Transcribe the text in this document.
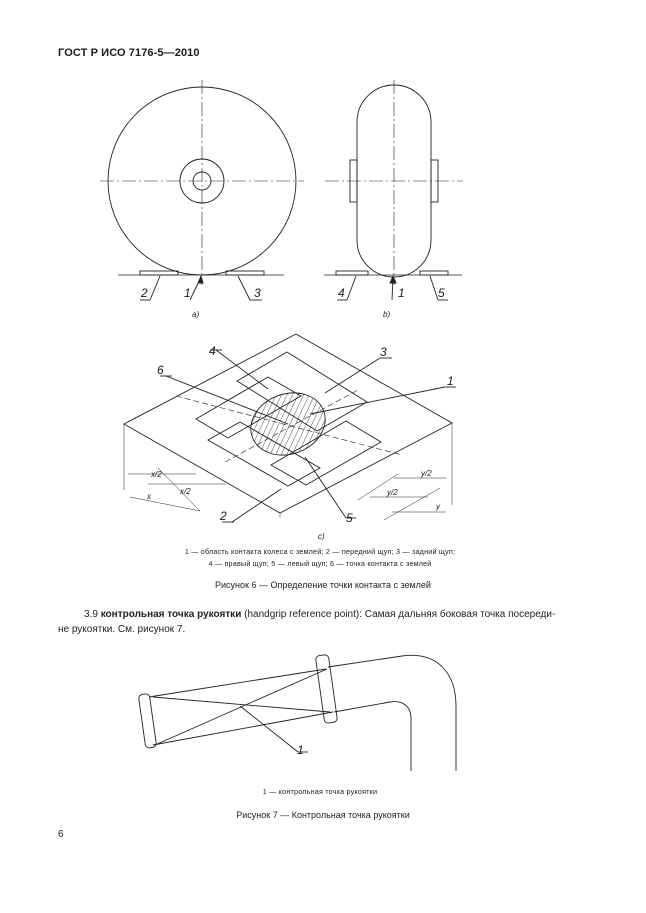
ГОСТ Р ИСО 7176-5—2010
2	1	3
a)
4	1	5
b)
4	3
6
1
2	5
x/2
x/2
x
y/2
y/2
y
c)
1 — область контакта колеса с землей; 2 — передний щуп; 3 — задний щуп;
4 — правый щуп; 5 — левый щуп; 6 — точка контакта с землей
Рисунок 6 — Определение точки контакта с землей
3.9 контрольная точка рукоятки (handgrip reference point): Самая дальняя боковая точка посереди-
не рукоятки. См. рисунок 7.
1
1 — контрольная точка рукоятки
Рисунок 7 — Контрольная точка рукоятки
6
